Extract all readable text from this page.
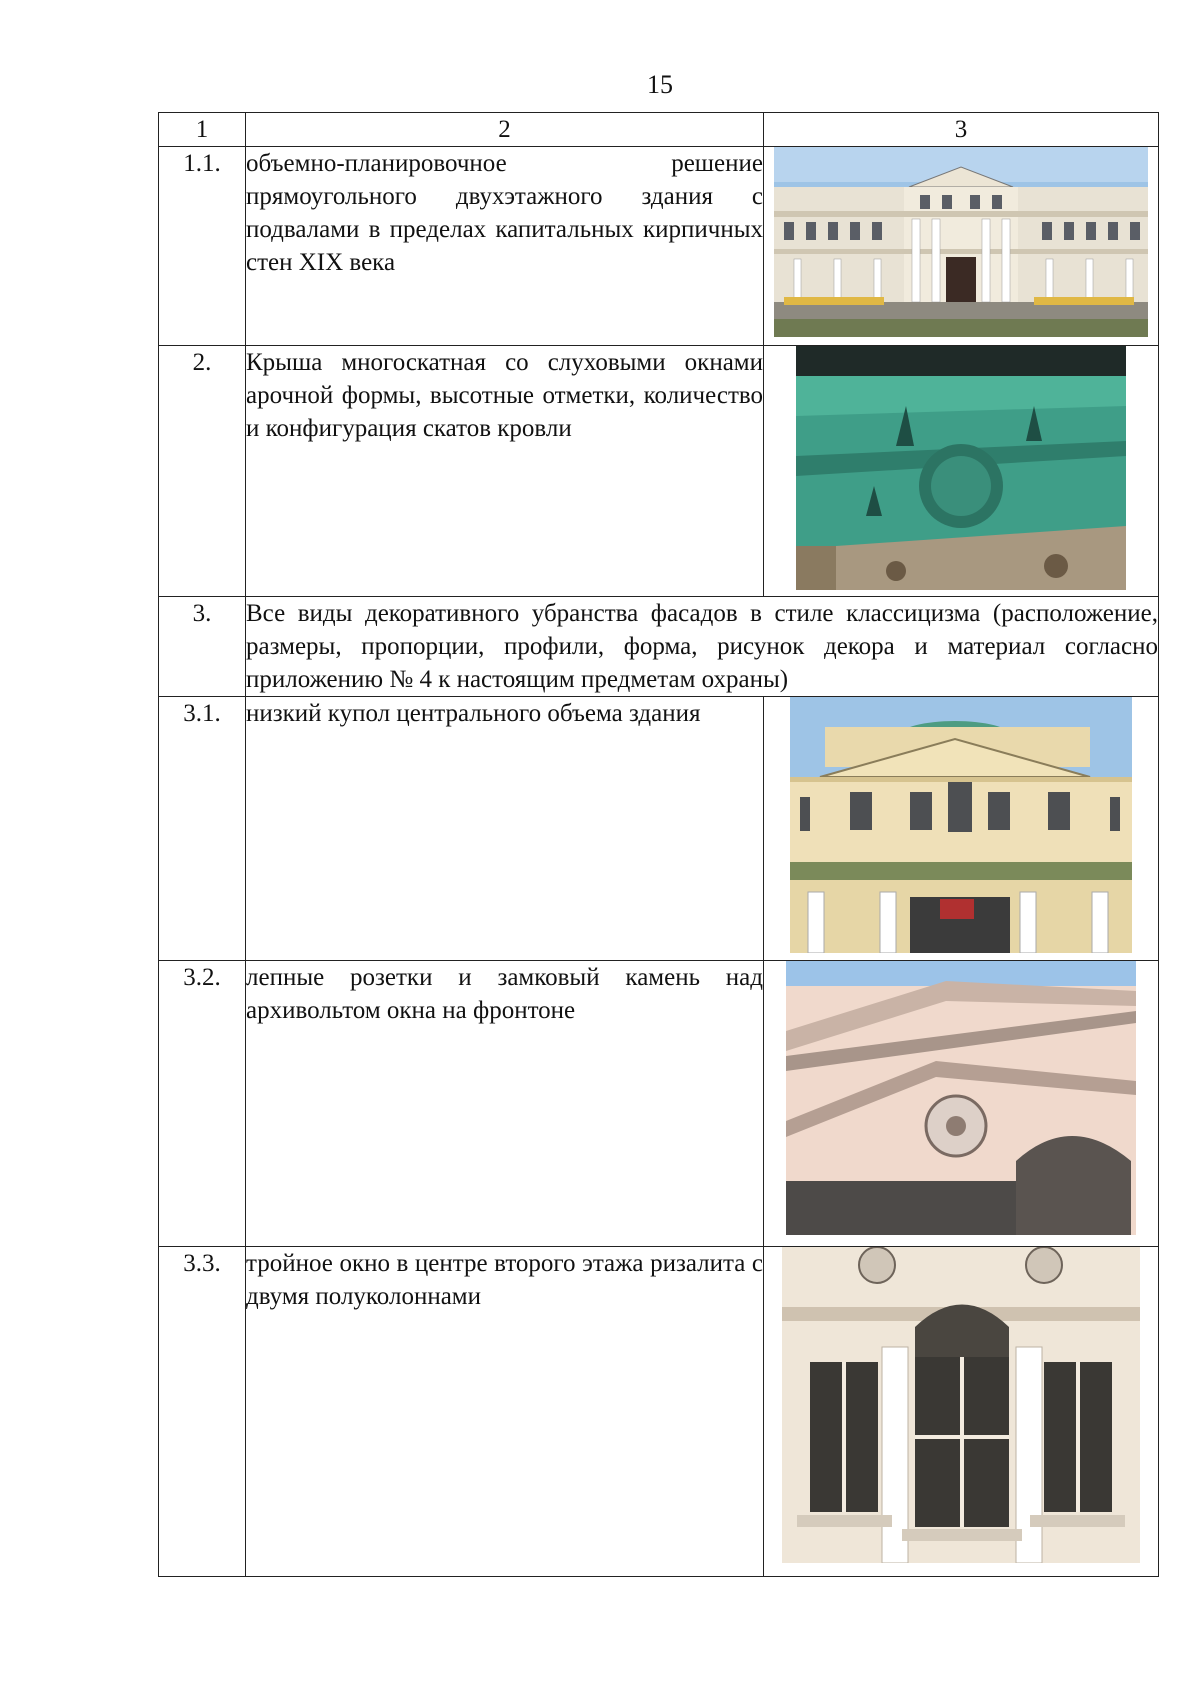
15
1	2	3
1.1.	объемно-планировочное решение прямоугольного двухэтажного здания с подвалами в пределах капитальных кирпичных стен XIX века	

2.	Крыша многоскатная со слуховыми окнами арочной формы, высотные отметки, количество и конфигурация скатов кровли	

3.	Все виды декоративного убранства фасадов в стиле классицизма (расположение, размеры, пропорции, профили, форма, рисунок декора и материал согласно приложению № 4 к настоящим предметам охраны)	
3.1.	низкий купол центрального объема здания	

3.2.	лепные розетки и замковый камень над архивольтом окна на фронтоне	

3.3.	тройное окно в центре второго этажа ризалита с двумя полуколоннами	
